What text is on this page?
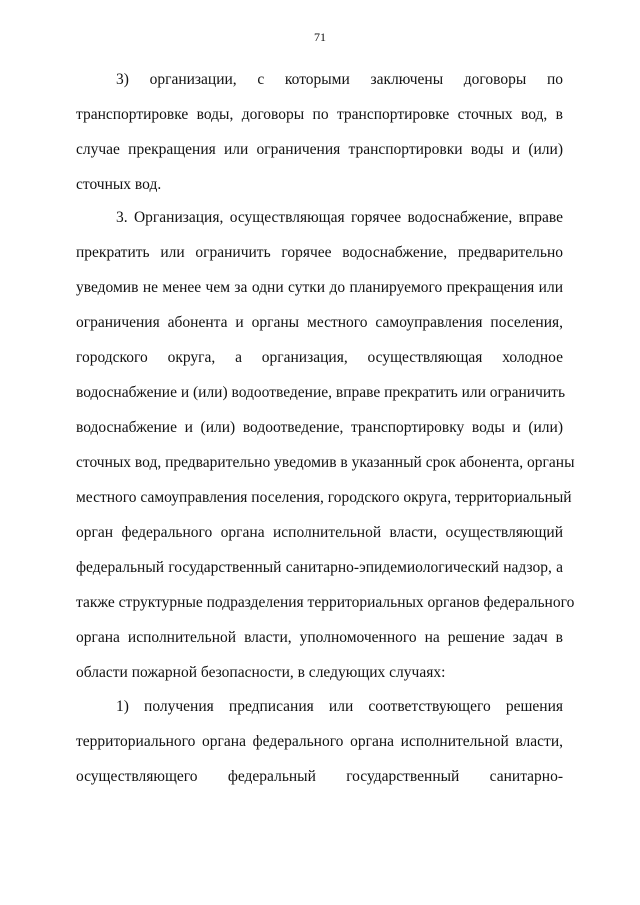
71
3) организации, с которыми заключены договоры по
транспортировке воды, договоры по транспортировке сточных вод, в
случае прекращения или ограничения транспортировки воды и (или)
сточных вод.
3. Организация, осуществляющая горячее водоснабжение, вправе
прекратить или ограничить горячее водоснабжение, предварительно
уведомив не менее чем за одни сутки до планируемого прекращения или
ограничения абонента и органы местного самоуправления поселения,
городского округа, а организация, осуществляющая холодное
водоснабжение и (или) водоотведение, вправе прекратить или ограничить
водоснабжение и (или) водоотведение, транспортировку воды и (или)
сточных вод, предварительно уведомив в указанный срок абонента, органы
местного самоуправления поселения, городского округа, территориальный
орган федерального органа исполнительной власти, осуществляющий
федеральный государственный санитарно-эпидемиологический надзор, а
также структурные подразделения территориальных органов федерального
органа исполнительной власти, уполномоченного на решение задач в
области пожарной безопасности, в следующих случаях:
1) получения предписания или соответствующего решения
территориального органа федерального органа исполнительной власти,
осуществляющего федеральный государственный санитарно-
